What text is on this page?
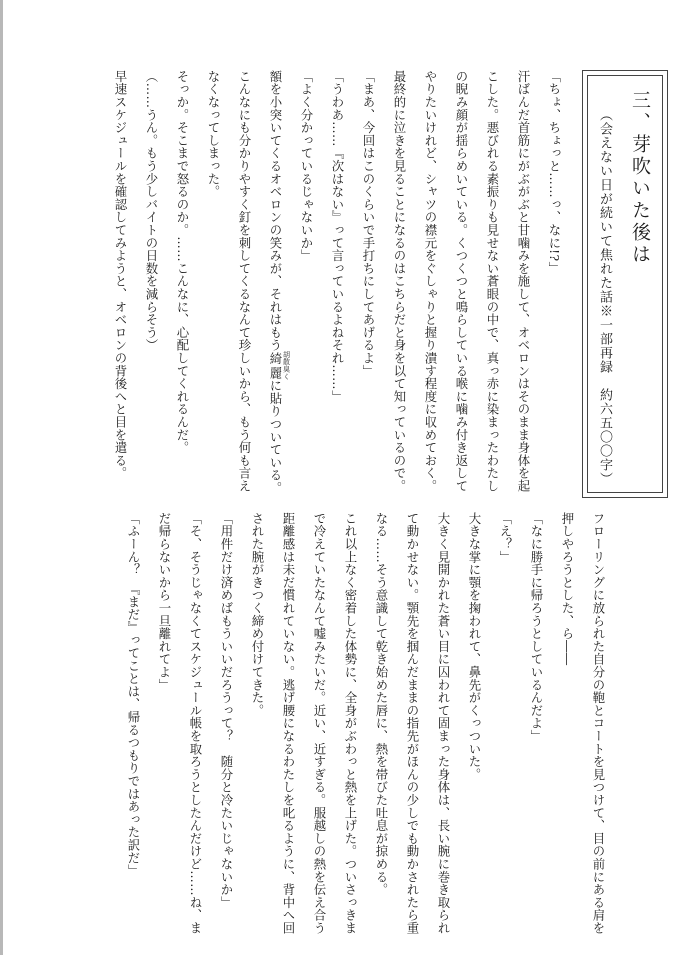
三、芽吹いた後は

（会えない日が続いて焦れた話※一部再録　約六五〇〇字）

「ちょ、ちょっと……っ、なに!?」

汗ばんだ首筋にがぶがぶと甘噛みを施して、オベロンはそのまま身体を起こした。悪びれる素振りも見せない蒼眼の中で、真っ赤に染まったわたしの睨み顔が揺らめいている。くつくつと鳴らしている喉に噛み付き返してやりたいけれど、シャツの襟元をぐしゃりと握り潰す程度に収めておく。最終的に泣きを見ることになるのはこちらだと身を以て知っているので。

「まあ、今回はこのくらいで手打ちにしてあげるよ」

「うわあ……『次はない』って言っているよねそれ……」

「よく分かっているじゃないか」

額を小突いてくるオベロンの笑みが、それはもう綺麗 胡散臭くに貼りついている。こんなにも分かりやすく釘を刺してくるなんて珍しいから、もう何も言えなくなってしまった。

そっか。そこまで怒るのか。……こんなに、心配してくれるんだ。

（……うん。もう少しバイトの日数を減らそう）

早速スケジュールを確認してみようと、オベロンの背後へと目を遣る。

フローリングに放られた自分の鞄とコートを見つけて、目の前にある肩を押しやろうとした、ら――

「なに勝手に帰ろうとしているんだよ」

「え？」

大きな掌に顎を掬われて、鼻先がくっついた。

大きく見開かれた蒼い目に囚われて固まった身体は、長い腕に巻き取られて動かせない。顎先を掴んだままの指先がほんの少しでも動かされたら重なる……そう意識して乾き始めた唇に、熱を帯びた吐息が掠める。

これ以上なく密着した体勢に、全身がぶわっと熱を上げた。ついさっきまで冷えていたなんて嘘みたいだ。近い、近すぎる。服越しの熱を伝え合う距離感は未だ慣れていない。逃げ腰になるわたしを叱るように、背中へ回された腕がきつく締め付けてきた。

「用件だけ済めばもういいだろうって？　随分と冷たいじゃないか」

「そ、そうじゃなくてスケジュール帳を取ろうとしたんだけど……ね、まだ帰らないから一旦離れてよ」

「ふーん？　『まだ』ってことは、帰るつもりではあった訳だ」
